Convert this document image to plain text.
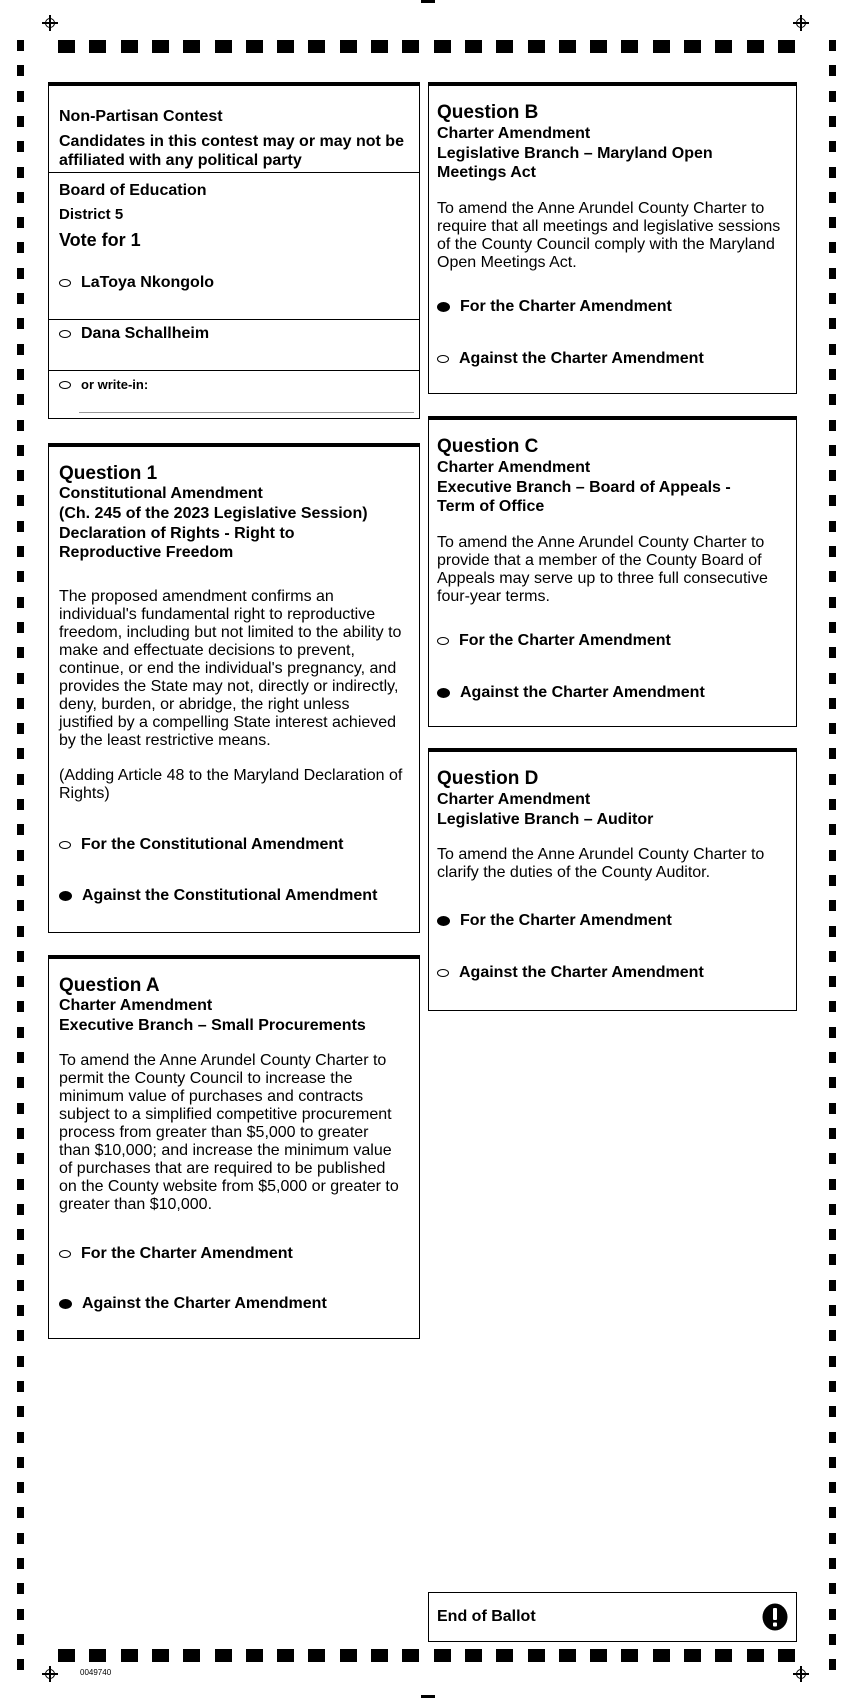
Non-Partisan Contest
Candidates in this contest may or may not be affiliated with any political party
Board of Education
District 5
Vote for 1
LaToya Nkongolo
Dana Schallheim
or write-in:
Question 1
Constitutional Amendment
(Ch. 245 of the 2023 Legislative Session)
Declaration of Rights - Right to Reproductive Freedom
The proposed amendment confirms an individual's fundamental right to reproductive freedom, including but not limited to the ability to make and effectuate decisions to prevent, continue, or end the individual's pregnancy, and provides the State may not, directly or indirectly, deny, burden, or abridge, the right unless justified by a compelling State interest achieved by the least restrictive means.
(Adding Article 48 to the Maryland Declaration of Rights)
For the Constitutional Amendment
Against the Constitutional Amendment
Question A
Charter Amendment
Executive Branch – Small Procurements
To amend the Anne Arundel County Charter to permit the County Council to increase the minimum value of purchases and contracts subject to a simplified competitive procurement process from greater than $5,000 to greater than $10,000; and increase the minimum value of purchases that are required to be published on the County website from $5,000 or greater to greater than $10,000.
For the Charter Amendment
Against the Charter Amendment
Question B
Charter Amendment
Legislative Branch – Maryland Open Meetings Act
To amend the Anne Arundel County Charter to require that all meetings and legislative sessions of the County Council comply with the Maryland Open Meetings Act.
For the Charter Amendment
Against the Charter Amendment
Question C
Charter Amendment
Executive Branch – Board of Appeals - Term of Office
To amend the Anne Arundel County Charter to provide that a member of the County Board of Appeals may serve up to three full consecutive four-year terms.
For the Charter Amendment
Against the Charter Amendment
Question D
Charter Amendment
Legislative Branch – Auditor
To amend the Anne Arundel County Charter to clarify the duties of the County Auditor.
For the Charter Amendment
Against the Charter Amendment
End of Ballot
0049740
